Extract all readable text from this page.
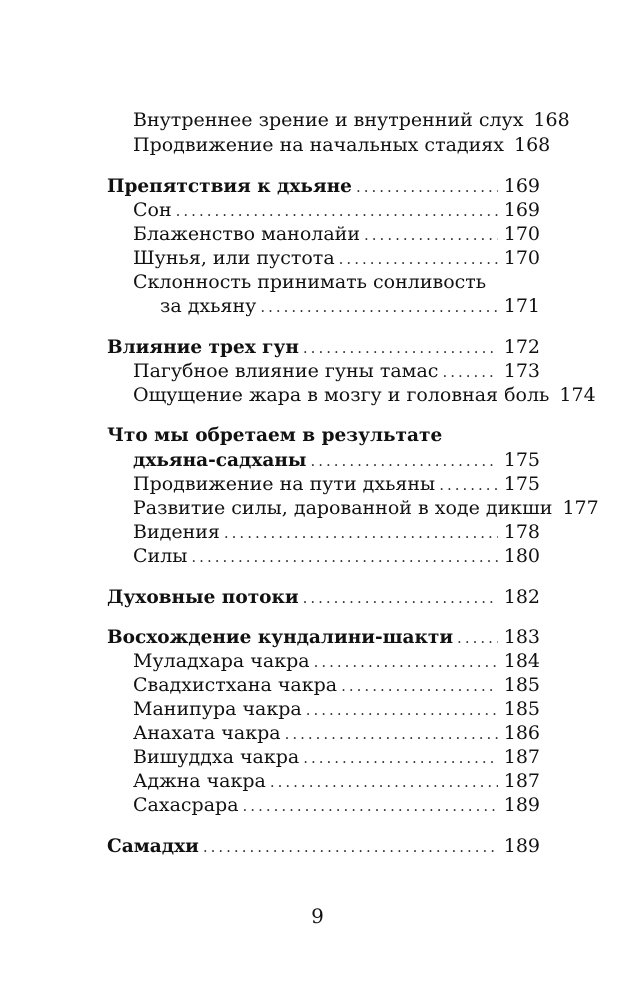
Внутреннее зрение и внутренний слух 168
Продвижение на начальных стадиях 168
Препятствия к дхьяне .....	169
Сон .....	169
Блаженство манолайи .....	170
Шунья, или пустота .....	170
Склонность принимать сонливость
за дхьяну .....	171
Влияние трех гун .....	172
Пагубное влияние гуны тамас .....	173
Ощущение жара в мозгу и головная боль 174
Что мы обретаем в результате
дхьяна-садханы .....	175
Продвижение на пути дхьяны .....	175
Развитие силы, дарованной в ходе дикши 177
Видения .....	178
Силы .....	180
Духовные потоки .....	182
Восхождение кундалини-шакти .....	183
Муладхара чакра .....	184
Свадхистхана чакра .....	185
Манипура чакра .....	185
Анахата чакра .....	186
Вишуддха чакра .....	187
Аджна чакра .....	187
Сахасрара .....	189
Самадхи .....	189
9
